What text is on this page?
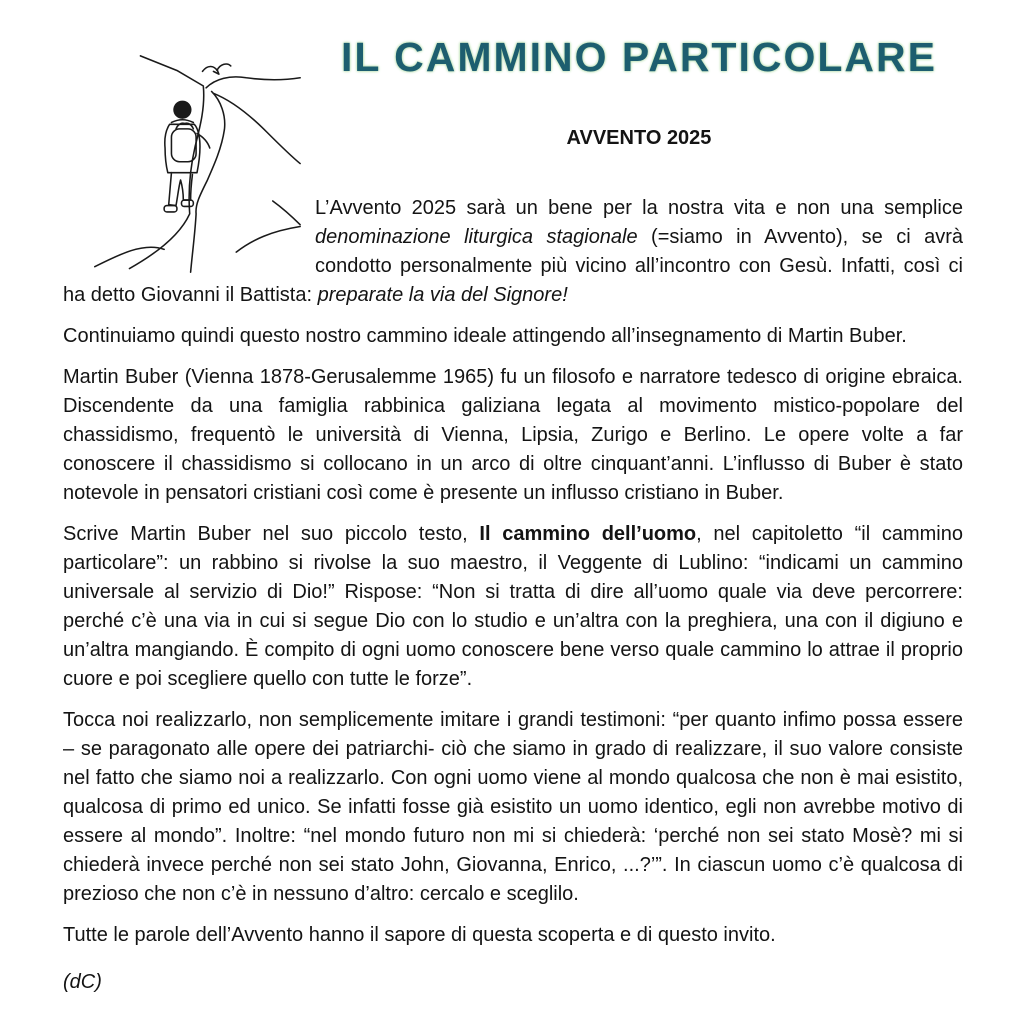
IL CAMMINO PARTICOLARE
AVVENTO 2025

L’Avvento 2025 sarà un bene per la nostra vita e non una semplice denominazione liturgica stagionale (=siamo in Avvento), se ci avrà condotto personalmente più vicino all’incontro con Gesù. Infatti, così ci ha detto Giovanni il Battista: preparate la via del Signore!

Continuiamo quindi questo nostro cammino ideale attingendo all’insegnamento di Martin Buber.

Martin Buber (Vienna 1878-Gerusalemme 1965) fu un filosofo e narratore tedesco di origine ebraica. Discendente da una famiglia rabbinica galiziana legata al movimento mistico-popolare del chassidismo, frequentò le università di Vienna, Lipsia, Zurigo e Berlino. Le opere volte a far conoscere il chassidismo si collocano in un arco di oltre cinquant’anni. L’influsso di Buber è stato notevole in pensatori cristiani così come è presente un influsso cristiano in Buber.

Scrive Martin Buber nel suo piccolo testo, Il cammino dell’uomo, nel capitoletto “il cammino particolare”: un rabbino si rivolse la suo maestro, il Veggente di Lublino: “indicami un cammino universale al servizio di Dio!” Rispose: “Non si tratta di dire all’uomo quale via deve percorrere: perché c’è una via in cui si segue Dio con lo studio e un’altra con la preghiera, una con il digiuno e un’altra mangiando. È compito di ogni uomo conoscere bene verso quale cammino lo attrae il proprio cuore e poi scegliere quello con tutte le forze”.

Tocca noi realizzarlo, non semplicemente imitare i grandi testimoni: “per quanto infimo possa essere – se paragonato alle opere dei patriarchi- ciò che siamo in grado di realizzare, il suo valore consiste nel fatto che siamo noi a realizzarlo. Con ogni uomo viene al mondo qualcosa che non è mai esistito, qualcosa di primo ed unico. Se infatti fosse già esistito un uomo identico, egli non avrebbe motivo di essere al mondo”. Inoltre: “nel mondo futuro non mi si chiederà: ‘perché non sei stato Mosè? mi si chiederà invece perché non sei stato John, Giovanna, Enrico, ...?’”. In ciascun uomo c’è qualcosa di prezioso che non c’è in nessuno d’altro: cercalo e sceglilo.

Tutte le parole dell’Avvento hanno il sapore di questa scoperta e di questo invito.

(dC)
